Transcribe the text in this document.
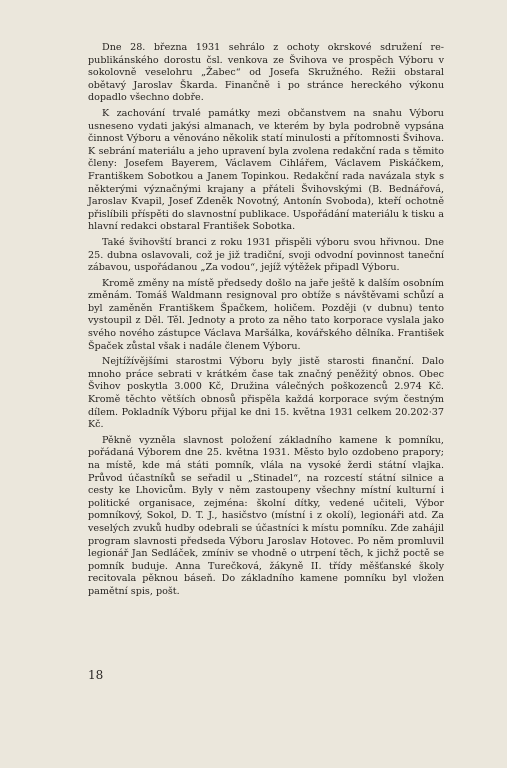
Dne 28. března 1931 sehrálo z ochoty okrskové sdružení republikánského dorostu čsl. venkova ze Švihova ve prospěch Výboru v sokolovně veselohru „Žabec“ od Josefa Skružného. Režii obstaral obětavý Jaroslav Škarda. Finančně i po stránce hereckého výkonu dopadlo všechno dobře.

K zachování trvalé památky mezi občanstvem na snahu Výboru usneseno vydati jakýsi almanach, ve kterém by byla podrobně vypsána činnost Výboru a věnováno několik statí minulosti a přítomnosti Švihova. K sebrání materiálu a jeho upravení byla zvolena redakční rada s těmito členy: Josefem Bayerem, Václavem Cihlářem, Václavem Piskáčkem, Františkem Sobotkou a Janem Topinkou. Redakční rada navázala styk s některými význačnými krajany a přáteli Švihovskými (B. Bednářová, Jaroslav Kvapil, Josef Zdeněk Novotný, Antonín Svoboda), kteří ochotně přislíbili příspěti do slavnostní publikace. Uspořádání materiálu k tisku a hlavní redakci obstaral František Sobotka.

Také švihovští branci z roku 1931 přispěli výboru svou hřivnou. Dne 25. dubna oslavovali, což je již tradiční, svoji odvodní povinnost taneční zábavou, uspořádanou „Za vodou“, jejíž výtěžek připadl Výboru.

Kromě změny na místě předsedy došlo na jaře ještě k dalším osobním změnám. Tomáš Waldmann resignoval pro obtíže s návštěvami schůzí a byl zaměněn Františkem Špačkem, holičem. Později (v dubnu) tento vystoupil z Děl. Těl. Jednoty a proto za něho tato korporace vyslala jako svého nového zástupce Václava Maršálka, kovářského dělníka. František Špaček zůstal však i nadále členem Výboru.

Nejtížívějšími starostmi Výboru byly jistě starosti finanční. Dalo mnoho práce sebrati v krátkém čase tak značný peněžitý obnos. Obec Švihov poskytla 3.000 Kč, Družina válečných poškozenců 2.974 Kč. Kromě těchto větších obnosů přispěla každá korporace svým čestným dílem. Pokladník Výboru přijal ke dni 15. května 1931 celkem 20.202·37 Kč.

Pěkně vyzněla slavnost položení základního kamene k pomníku, pořádaná Výborem dne 25. května 1931. Město bylo ozdobeno prapory; na místě, kde má státi pomník, vlála na vysoké žerdi státní vlajka. Průvod účastníků se seřadil u „Stinadel“, na rozcestí státní silnice a cesty ke Lhovicům. Byly v něm zastoupeny všechny místní kulturní i politické organisace, zejména: školní dítky, vedené učiteli, Výbor pomníkový, Sokol, D. T. J., hasičstvo (místní i z okolí), legionáři atd. Za veselých zvuků hudby odebrali se účastníci k místu pomníku. Zde zahájil program slavnosti předseda Výboru Jaroslav Hotovec. Po něm promluvil legionář Jan Sedláček, zmíniv se vhodně o utrpení těch, k jichž poctě se pomník buduje. Anna Turečková, žákyně II. třídy měšťanské školy recitovala pěknou báseň. Do základního kamene pomníku byl vložen pamětní spis, pošt.

18
